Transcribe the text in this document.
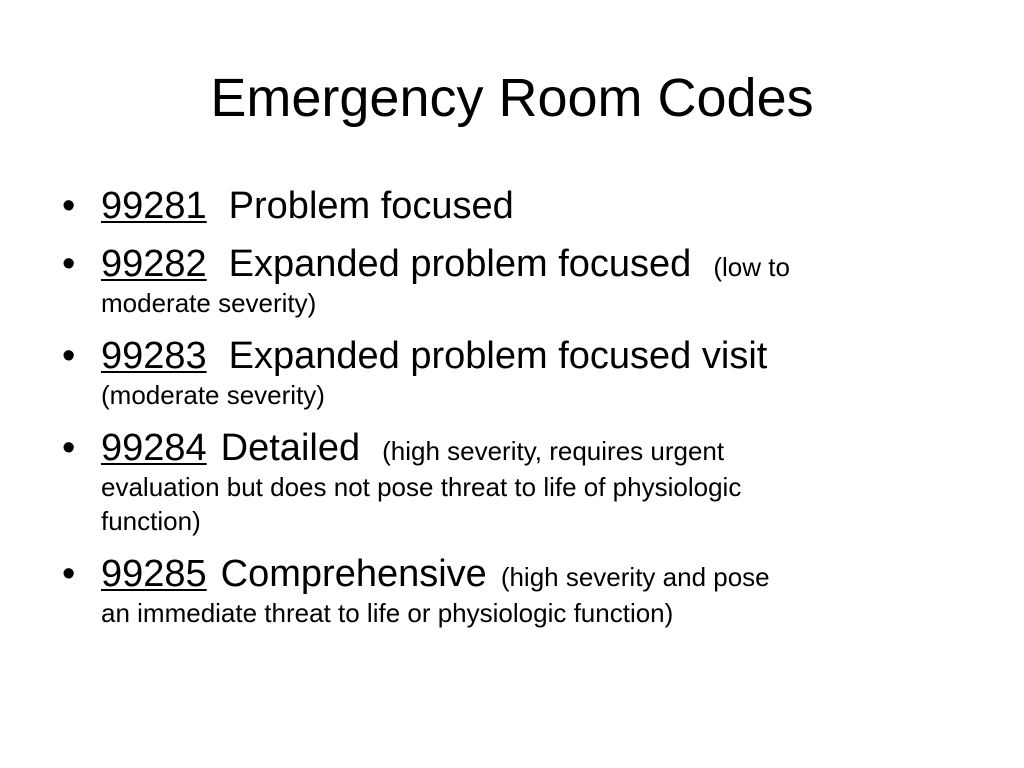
Emergency Room Codes
• 99281 Problem focused

• 99282 Expanded problem focused (low to

moderate severity)

• 99283 Expanded problem focused visit

(moderate severity)

• 99284 Detailed (high severity, requires urgent

evaluation but does not pose threat to life of physiologic

function)

• 99285 Comprehensive (high severity and pose

an immediate threat to life or physiologic function)
